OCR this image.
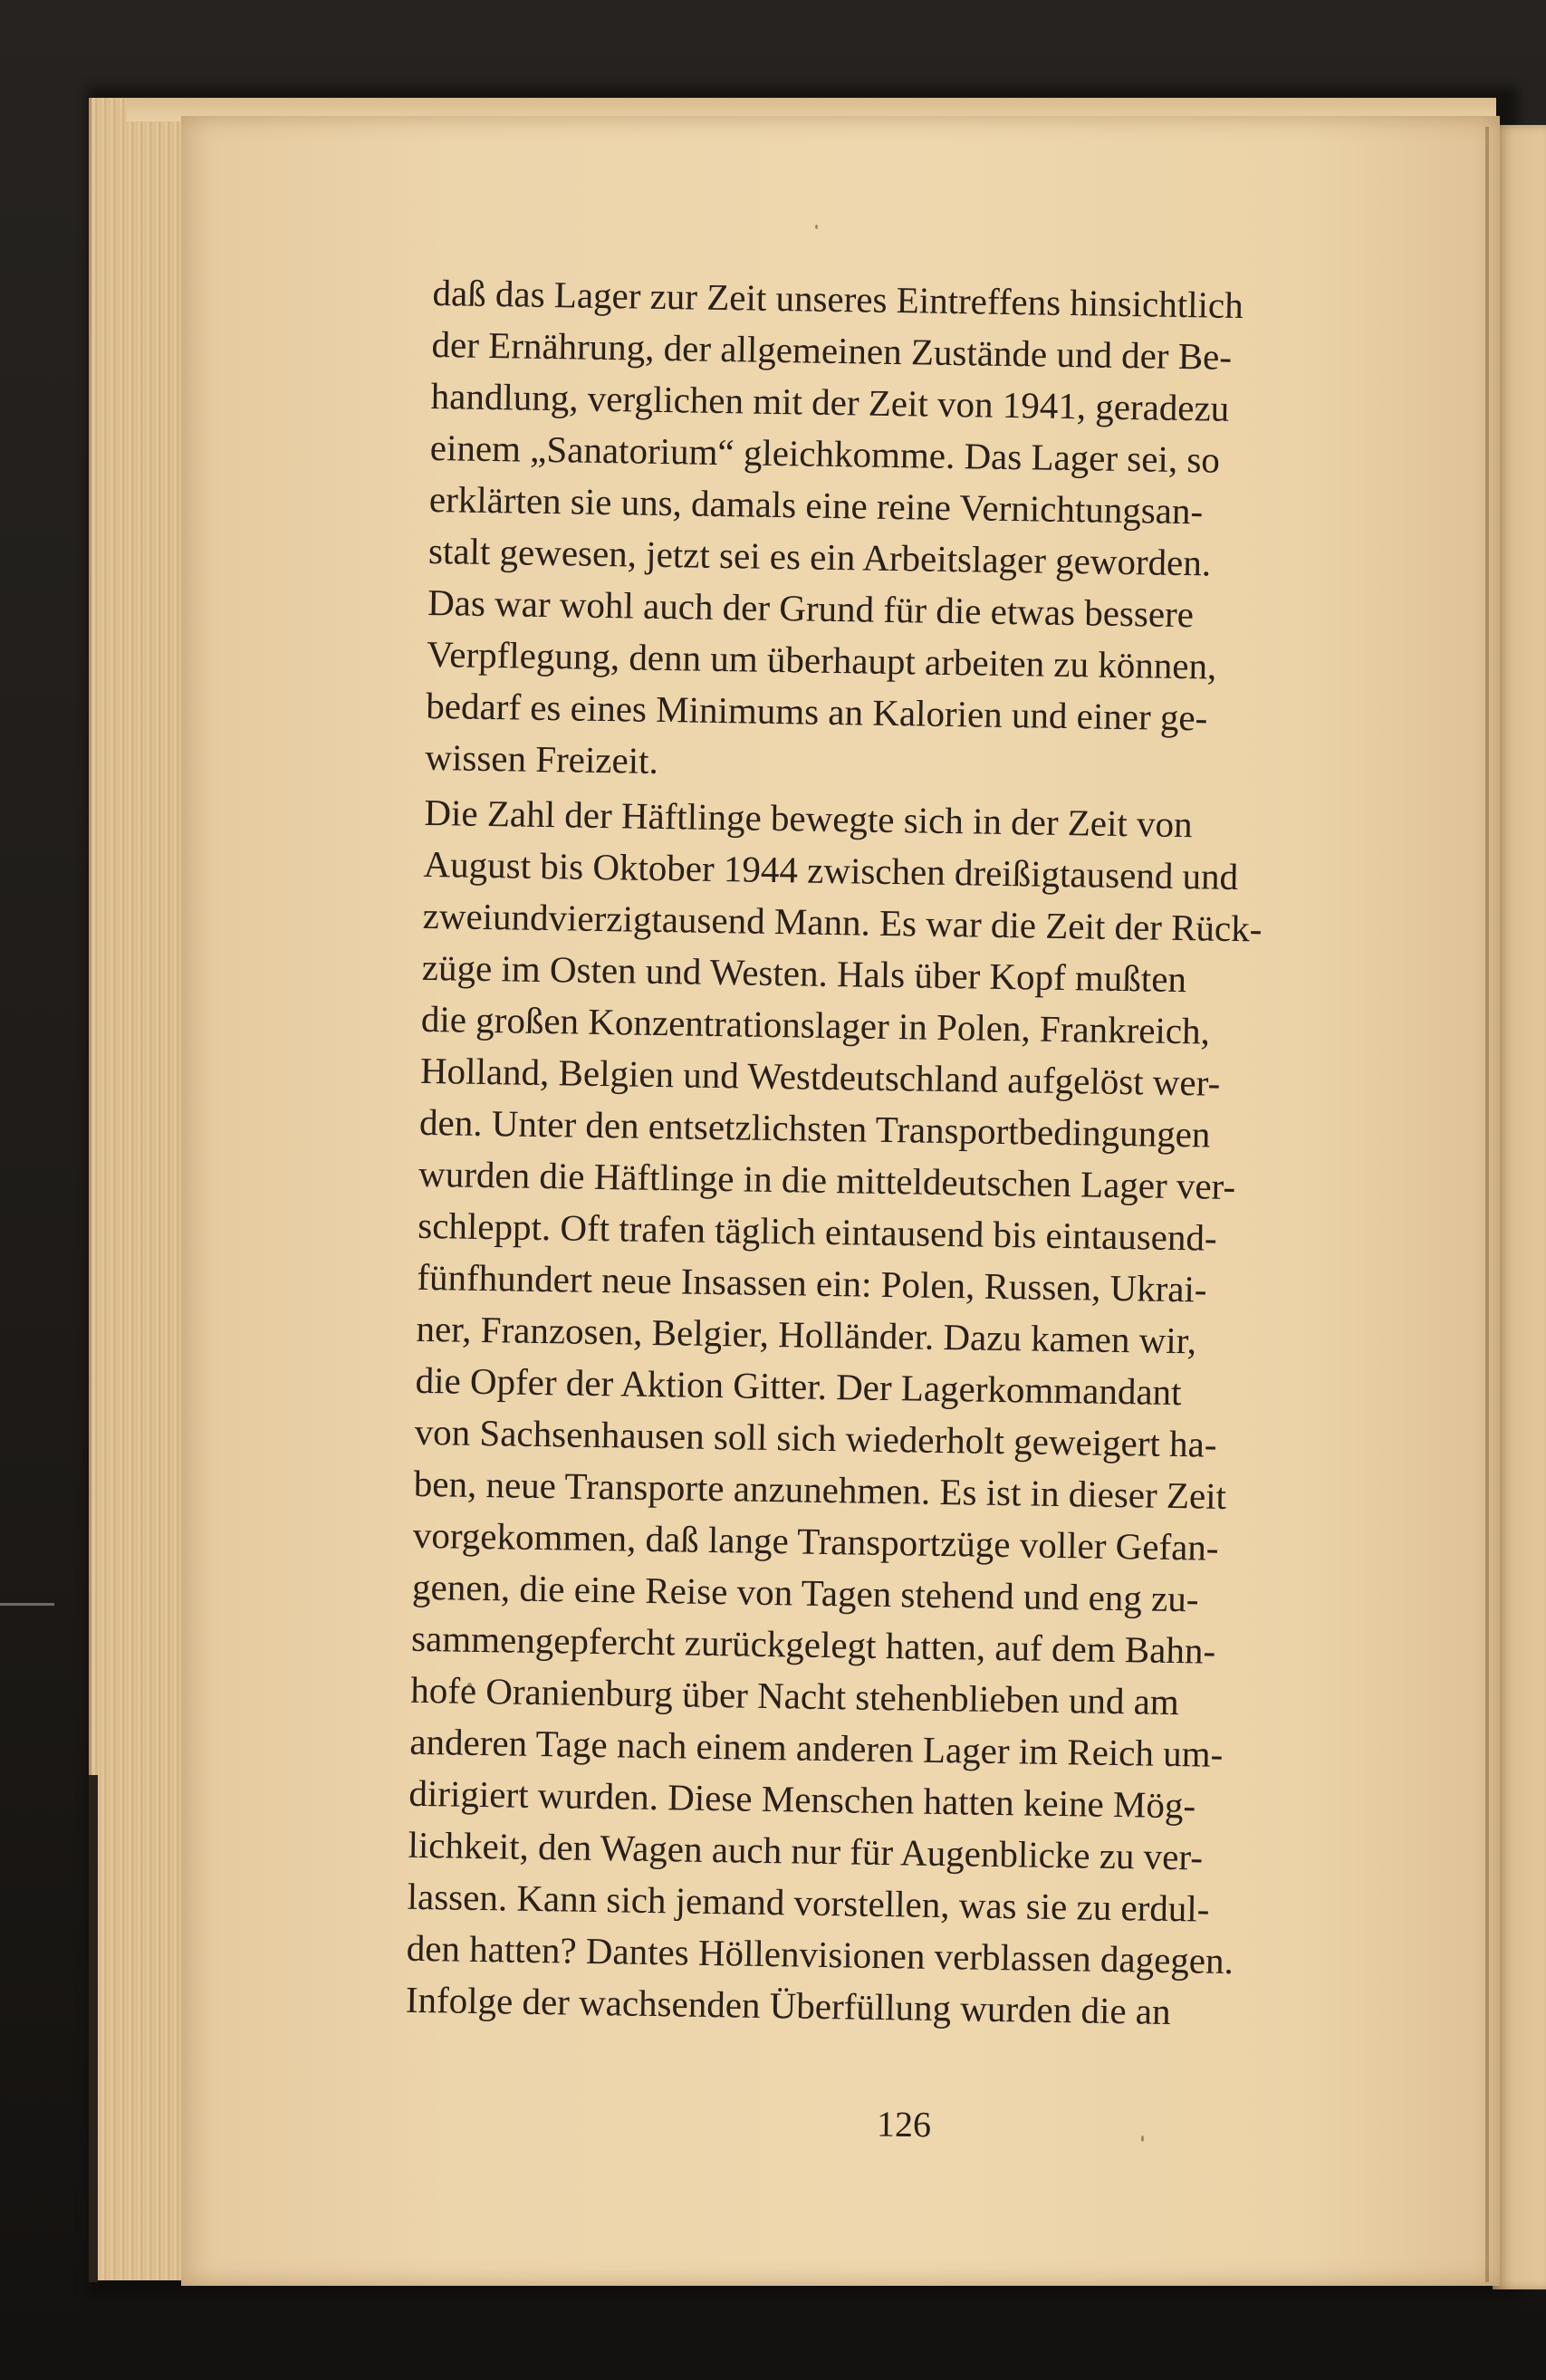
daß das Lager zur Zeit unseres Eintreffens hinsichtlich
der Ernährung, der allgemeinen Zustände und der Be-
handlung, verglichen mit der Zeit von 1941, geradezu
einem „Sanatorium“ gleichkomme. Das Lager sei, so
erklärten sie uns, damals eine reine Vernichtungsan-
stalt gewesen, jetzt sei es ein Arbeitslager geworden.
Das war wohl auch der Grund für die etwas bessere
Verpflegung, denn um überhaupt arbeiten zu können,
bedarf es eines Minimums an Kalorien und einer ge-
wissen Freizeit.
Die Zahl der Häftlinge bewegte sich in der Zeit von
August bis Oktober 1944 zwischen dreißigtausend und
zweiundvierzigtausend Mann. Es war die Zeit der Rück-
züge im Osten und Westen. Hals über Kopf mußten
die großen Konzentrationslager in Polen, Frankreich,
Holland, Belgien und Westdeutschland aufgelöst wer-
den. Unter den entsetzlichsten Transportbedingungen
wurden die Häftlinge in die mitteldeutschen Lager ver-
schleppt. Oft trafen täglich eintausend bis eintausend-
fünfhundert neue Insassen ein: Polen, Russen, Ukrai-
ner, Franzosen, Belgier, Holländer. Dazu kamen wir,
die Opfer der Aktion Gitter. Der Lagerkommandant
von Sachsenhausen soll sich wiederholt geweigert ha-
ben, neue Transporte anzunehmen. Es ist in dieser Zeit
vorgekommen, daß lange Transportzüge voller Gefan-
genen, die eine Reise von Tagen stehend und eng zu-
sammengepfercht zurückgelegt hatten, auf dem Bahn-
hofe Oranienburg über Nacht stehenblieben und am
anderen Tage nach einem anderen Lager im Reich um-
dirigiert wurden. Diese Menschen hatten keine Mög-
lichkeit, den Wagen auch nur für Augenblicke zu ver-
lassen. Kann sich jemand vorstellen, was sie zu erdul-
den hatten? Dantes Höllenvisionen verblassen dagegen.
Infolge der wachsenden Überfüllung wurden die an
126
